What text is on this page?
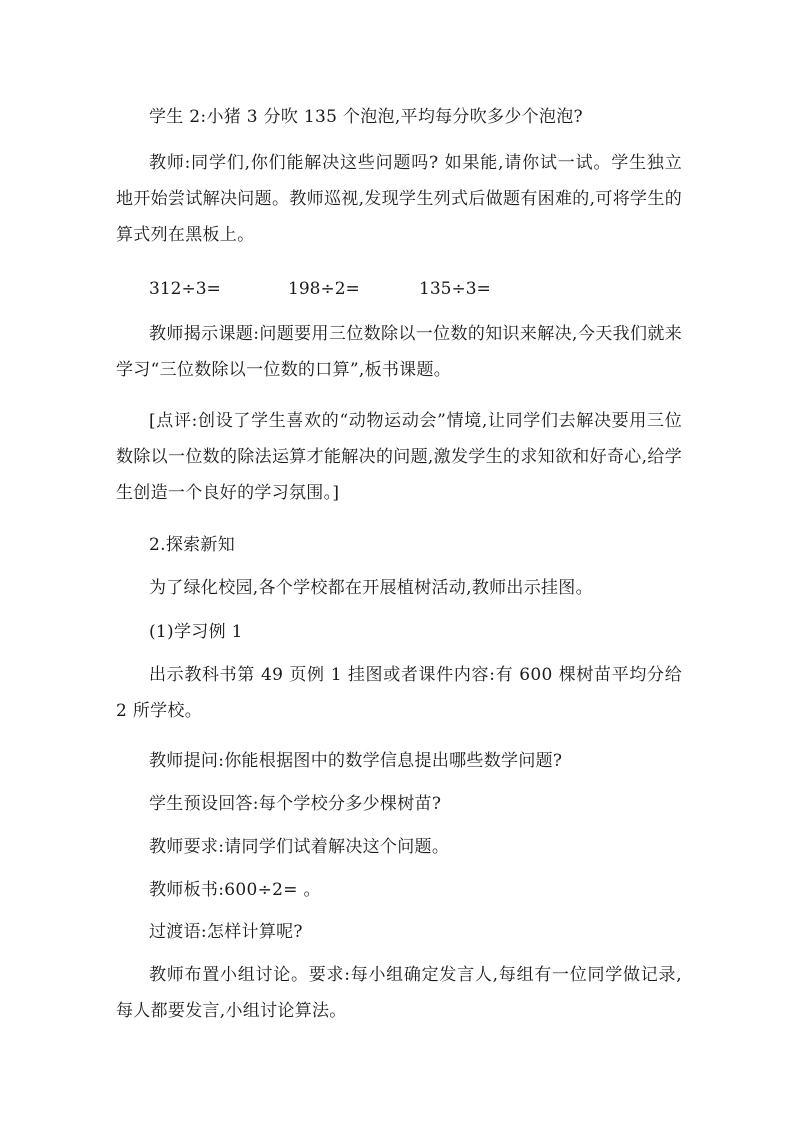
学生 2:小猪 3 分吹 135 个泡泡,平均每分吹多少个泡泡?

教师:同学们,你们能解决这些问题吗? 如果能,请你试一试。学生独立地开始尝试解决问题。教师巡视,发现学生列式后做题有困难的,可将学生的算式列在黑板上。

312÷3=	198÷2=	135÷3=

教师揭示课题:问题要用三位数除以一位数的知识来解决,今天我们就来学习“三位数除以一位数的口算”,板书课题。

[点评:创设了学生喜欢的“动物运动会”情境,让同学们去解决要用三位数除以一位数的除法运算才能解决的问题,激发学生的求知欲和好奇心,给学生创造一个良好的学习氛围。]

2.探索新知

为了绿化校园,各个学校都在开展植树活动,教师出示挂图。

(1)学习例 1

出示教科书第 49 页例 1 挂图或者课件内容:有 600 棵树苗平均分给 2 所学校。

教师提问:你能根据图中的数学信息提出哪些数学问题?

学生预设回答:每个学校分多少棵树苗?

教师要求:请同学们试着解决这个问题。

教师板书:600÷2= 。

过渡语:怎样计算呢?

教师布置小组讨论。要求:每小组确定发言人,每组有一位同学做记录,每人都要发言,小组讨论算法。
